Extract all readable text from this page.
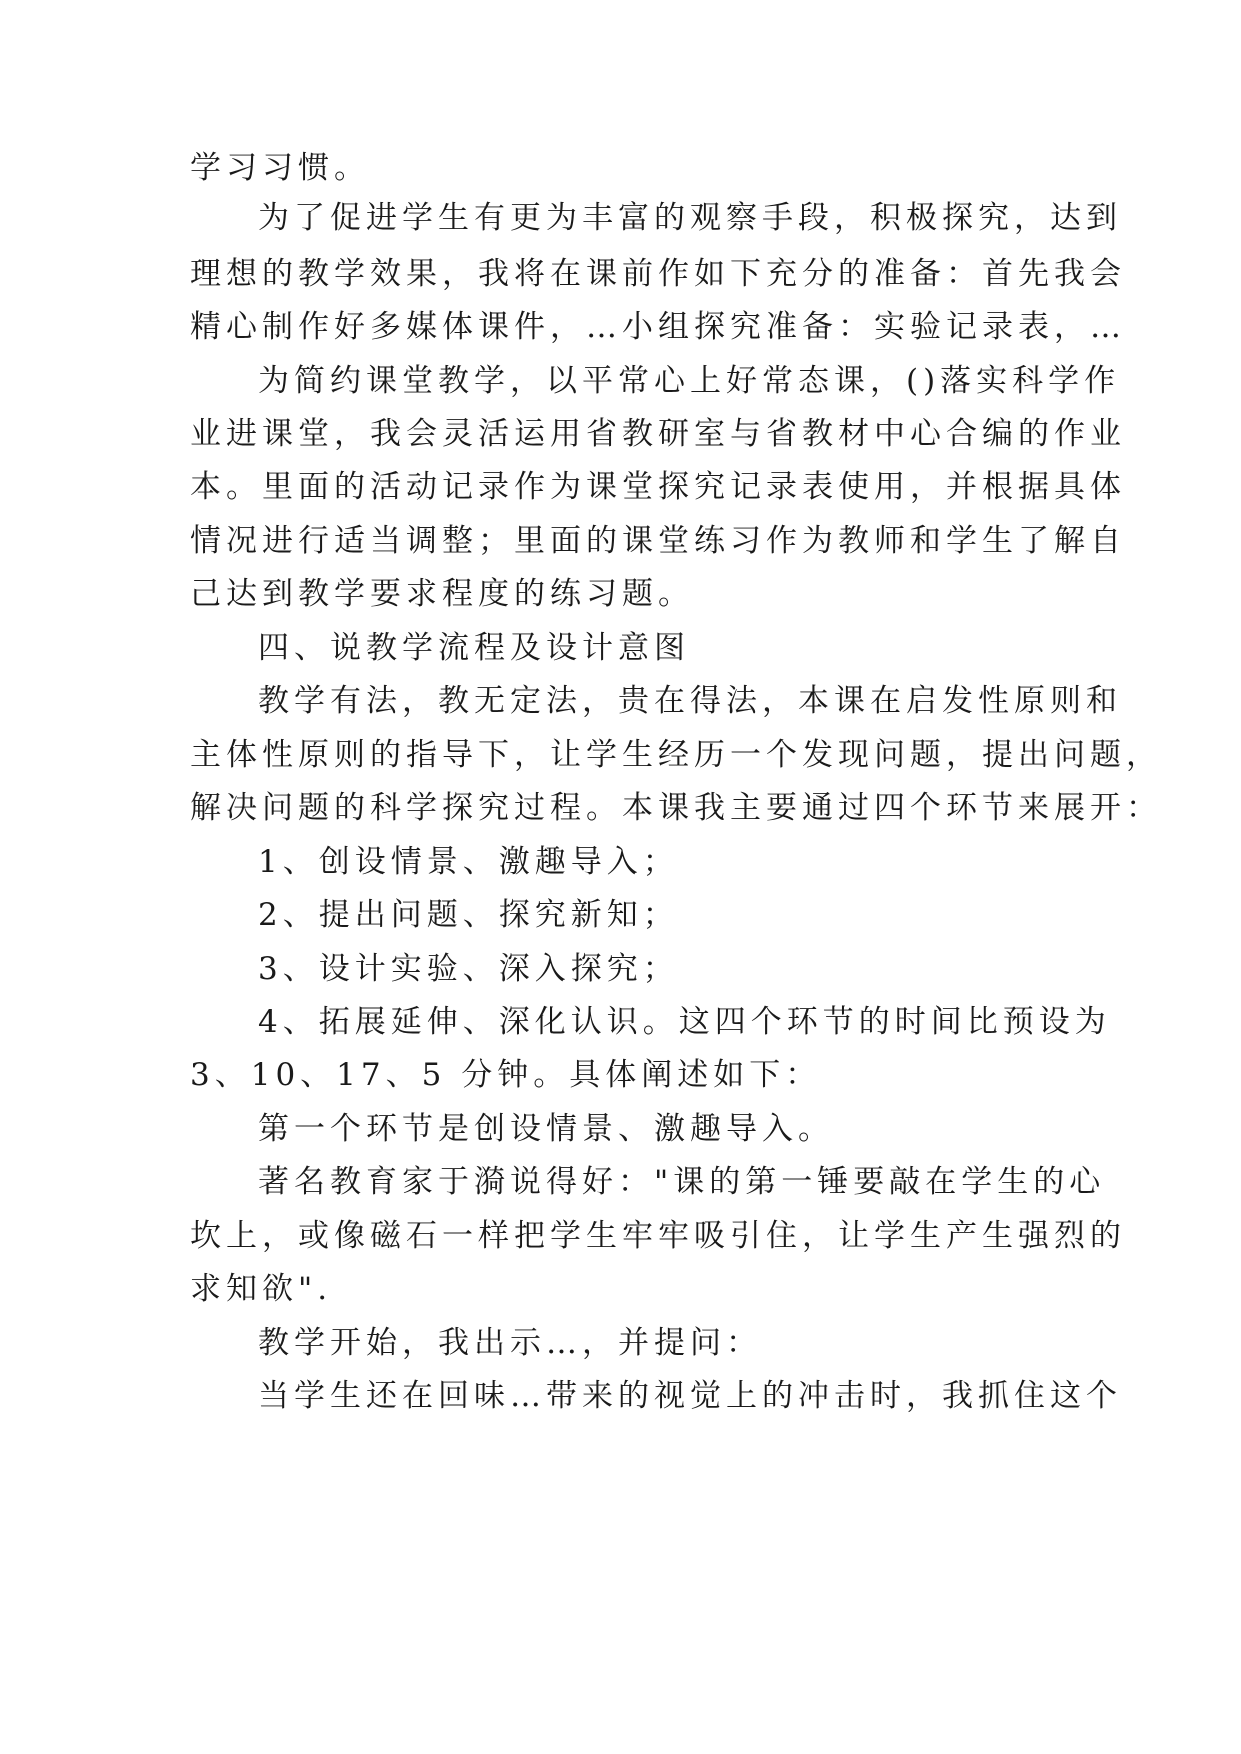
学习习惯。
为了促进学生有更为丰富的观察手段，积极探究，达到
理想的教学效果，我将在课前作如下充分的准备：首先我会
精心制作好多媒体课件，…小组探究准备：实验记录表，…
为简约课堂教学，以平常心上好常态课，()落实科学作
业进课堂，我会灵活运用省教研室与省教材中心合编的作业
本。里面的活动记录作为课堂探究记录表使用，并根据具体
情况进行适当调整；里面的课堂练习作为教师和学生了解自
己达到教学要求程度的练习题。
四、说教学流程及设计意图
教学有法，教无定法，贵在得法，本课在启发性原则和
主体性原则的指导下，让学生经历一个发现问题，提出问题，
解决问题的科学探究过程。本课我主要通过四个环节来展开：
1、创设情景、激趣导入；
2、提出问题、探究新知；
3、设计实验、深入探究；
4、拓展延伸、深化认识。这四个环节的时间比预设为
3、10、17、5 分钟。具体阐述如下：
第一个环节是创设情景、激趣导入。
著名教育家于漪说得好："课的第一锤要敲在学生的心
坎上，或像磁石一样把学生牢牢吸引住，让学生产生强烈的
求知欲".
教学开始，我出示…，并提问：
当学生还在回味…带来的视觉上的冲击时，我抓住这个
